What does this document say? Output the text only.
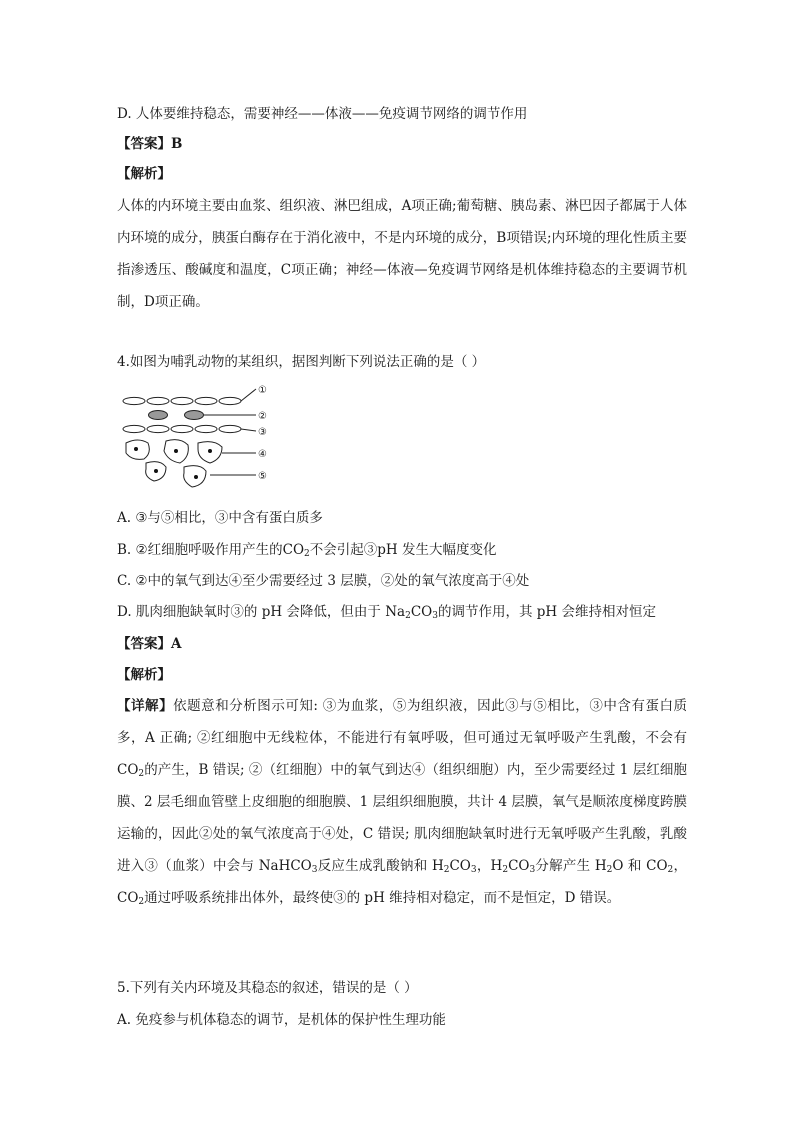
D. 人体要维持稳态，需要神经——体液——免疫调节网络的调节作用
【答案】B
【解析】
人体的内环境主要由血浆、组织液、淋巴组成，A项正确;葡萄糖、胰岛素、淋巴因子都属于人体内环境的成分，胰蛋白酶存在于消化液中，不是内环境的成分，B项错误;内环境的理化性质主要指渗透压、酸碱度和温度，C项正确；神经—体液—免疫调节网络是机体维持稳态的主要调节机制，D项正确。
4.如图为哺乳动物的某组织，据图判断下列说法正确的是（ ）
①
②
③
④
⑤
A. ③与⑤相比，③中含有蛋白质多
B. ②红细胞呼吸作用产生的$CO_2$不会引起③pH 发生大幅度变化
C. ②中的氧气到达④至少需要经过 3 层膜，②处的氧气浓度高于④处
D. 肌肉细胞缺氧时③的 pH 会降低，但由于 $Na_2CO_3$的调节作用，其 pH 会维持相对恒定
【答案】A
【解析】
【详解】依题意和分析图示可知: ③为血浆，⑤为组织液，因此③与⑤相比，③中含有蛋白质多，A 正确; ②红细胞中无线粒体，不能进行有氧呼吸，但可通过无氧呼吸产生乳酸，不会有 $CO_2$的产生，B 错误; ②（红细胞）中的氧气到达④（组织细胞）内，至少需要经过 1 层红细胞膜、2 层毛细血管壁上皮细胞的细胞膜、1 层组织细胞膜，共计 4 层膜，氧气是顺浓度梯度跨膜运输的，因此②处的氧气浓度高于④处，C 错误; 肌肉细胞缺氧时进行无氧呼吸产生乳酸，乳酸进入③（血浆）中会与 NaHCO$_3$反应生成乳酸钠和 $H_2CO_3$，$H_2CO_3$分解产生 $H_2O$ 和 $CO_2$，$CO_2$通过呼吸系统排出体外，最终使③的 pH 维持相对稳定，而不是恒定，D 错误。
5.下列有关内环境及其稳态的叙述，错误的是（ ）
A. 免疫参与机体稳态的调节，是机体的保护性生理功能
